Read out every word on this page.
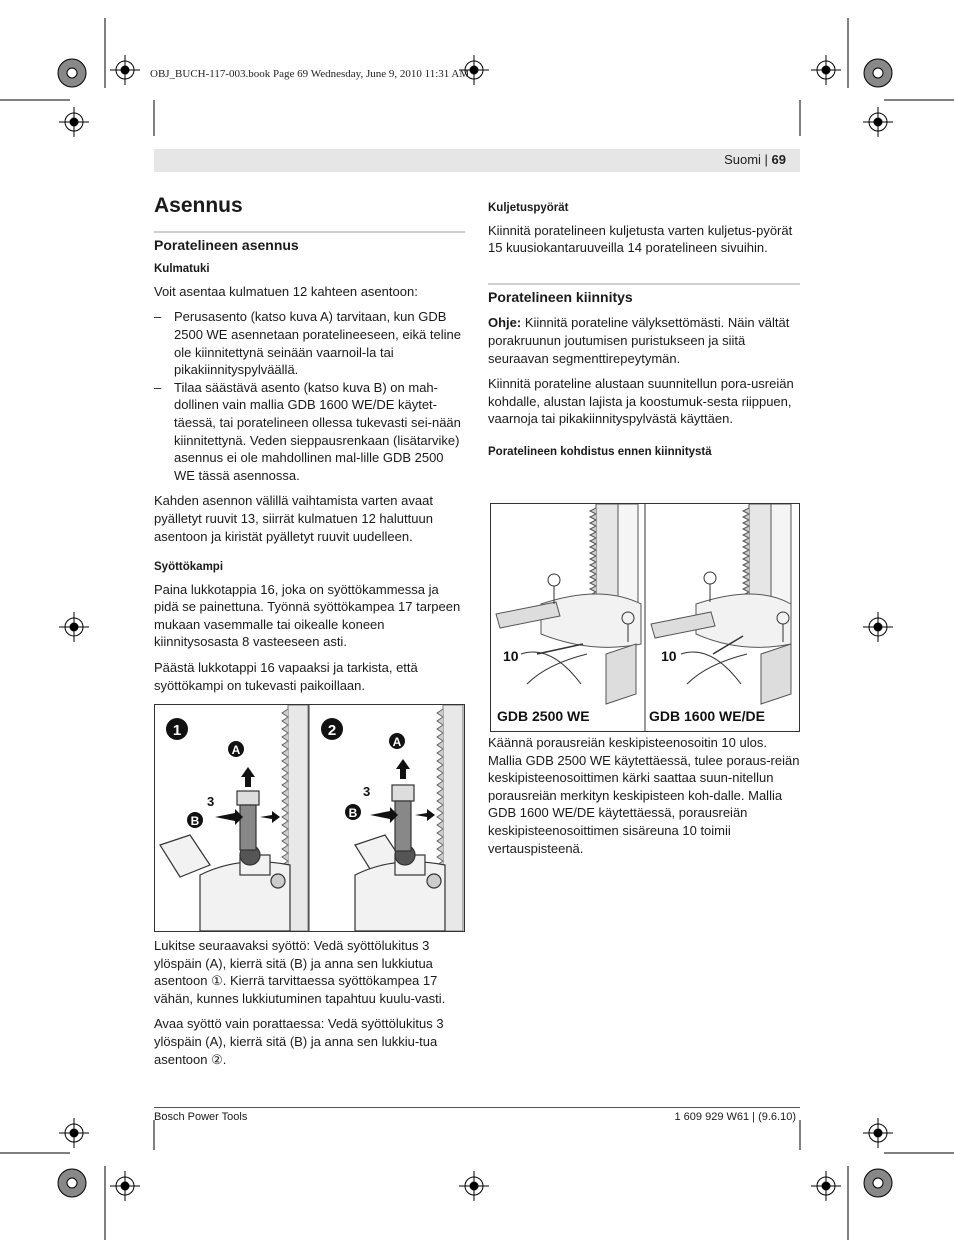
OBJ_BUCH-117-003.book Page 69 Wednesday, June 9, 2010 11:31 AM
Suomi | 69
Asennus
Poratelineen asennus
Kulmatuki

Voit asentaa kulmatuen 12 kahteen asentoon:

– Perusasento (katso kuva A) tarvitaan, kun GDB 2500 WE asennetaan poratelineeseen, eikä teline ole kiinnitettynä seinään vaarnoil-la tai pikakiinnityspylväällä.
– Tilaa säästävä asento (katso kuva B) on mah-dollinen vain mallia GDB 1600 WE/DE käytet-täessä, tai poratelineen ollessa tukevasti sei-nään kiinnitettynä. Veden sieppausrenkaan (lisätarvike) asennus ei ole mahdollinen mal-lille GDB 2500 WE tässä asennossa.

Kahden asennon välillä vaihtamista varten avaat pyälletyt ruuvit 13, siirrät kulmatuen 12 haluttuun asentoon ja kiristät pyälletyt ruuvit uudelleen.

Syöttökampi

Paina lukkotappia 16, joka on syöttökammessa ja pidä se painettuna. Työnnä syöttökampea 17 tarpeen mukaan vasemmalle tai oikealle koneen kiinnitysosasta 8 vasteeseen asti.

Päästä lukkotappi 16 vapaaksi ja tarkista, että syöttökampi on tukevasti paikoillaan.

1	2
A
A
B
B
3
3

Lukitse seuraavaksi syöttö: Vedä syöttölukitus 3 ylöspäin (A), kierrä sitä (B) ja anna sen lukkiutua asentoon ①. Kierrä tarvittaessa syöttökampea 17 vähän, kunnes lukkiutuminen tapahtuu kuulu-vasti.

Avaa syöttö vain porattaessa: Vedä syöttölukitus 3 ylöspäin (A), kierrä sitä (B) ja anna sen lukkiu-tua asentoon ②.

Kuljetuspyörät

Kiinnitä poratelineen kuljetusta varten kuljetus-pyörät 15 kuusiokantaruuveilla 14 poratelineen sivuihin.

Poratelineen kiinnitys

Ohje: Kiinnitä porateline välyksettömästi. Näin vältät porakruunun joutumisen puristukseen ja siitä seuraavan segmenttirepeytymän.

Kiinnitä porateline alustaan suunnitellun pora-usreiän kohdalle, alustan lajista ja koostumuk-sesta riippuen, vaarnoja tai pikakiinnityspylvästä käyttäen.

Poratelineen kohdistus ennen kiinnitystä
10	10
GDB 2500 WE	GDB 1600 WE/DE

Käännä porausreiän keskipisteenosoitin 10 ulos. Mallia GDB 2500 WE käytettäessä, tulee poraus-reiän keskipisteenosoittimen kärki saattaa suun-nitellun porausreiän merkityn keskipisteen koh-dalle. Mallia GDB 1600 WE/DE käytettäessä, porausreiän keskipisteenosoittimen sisäreuna 10 toimii vertauspisteenä.

Bosch Power Tools	1 609 929 W61 | (9.6.10)
